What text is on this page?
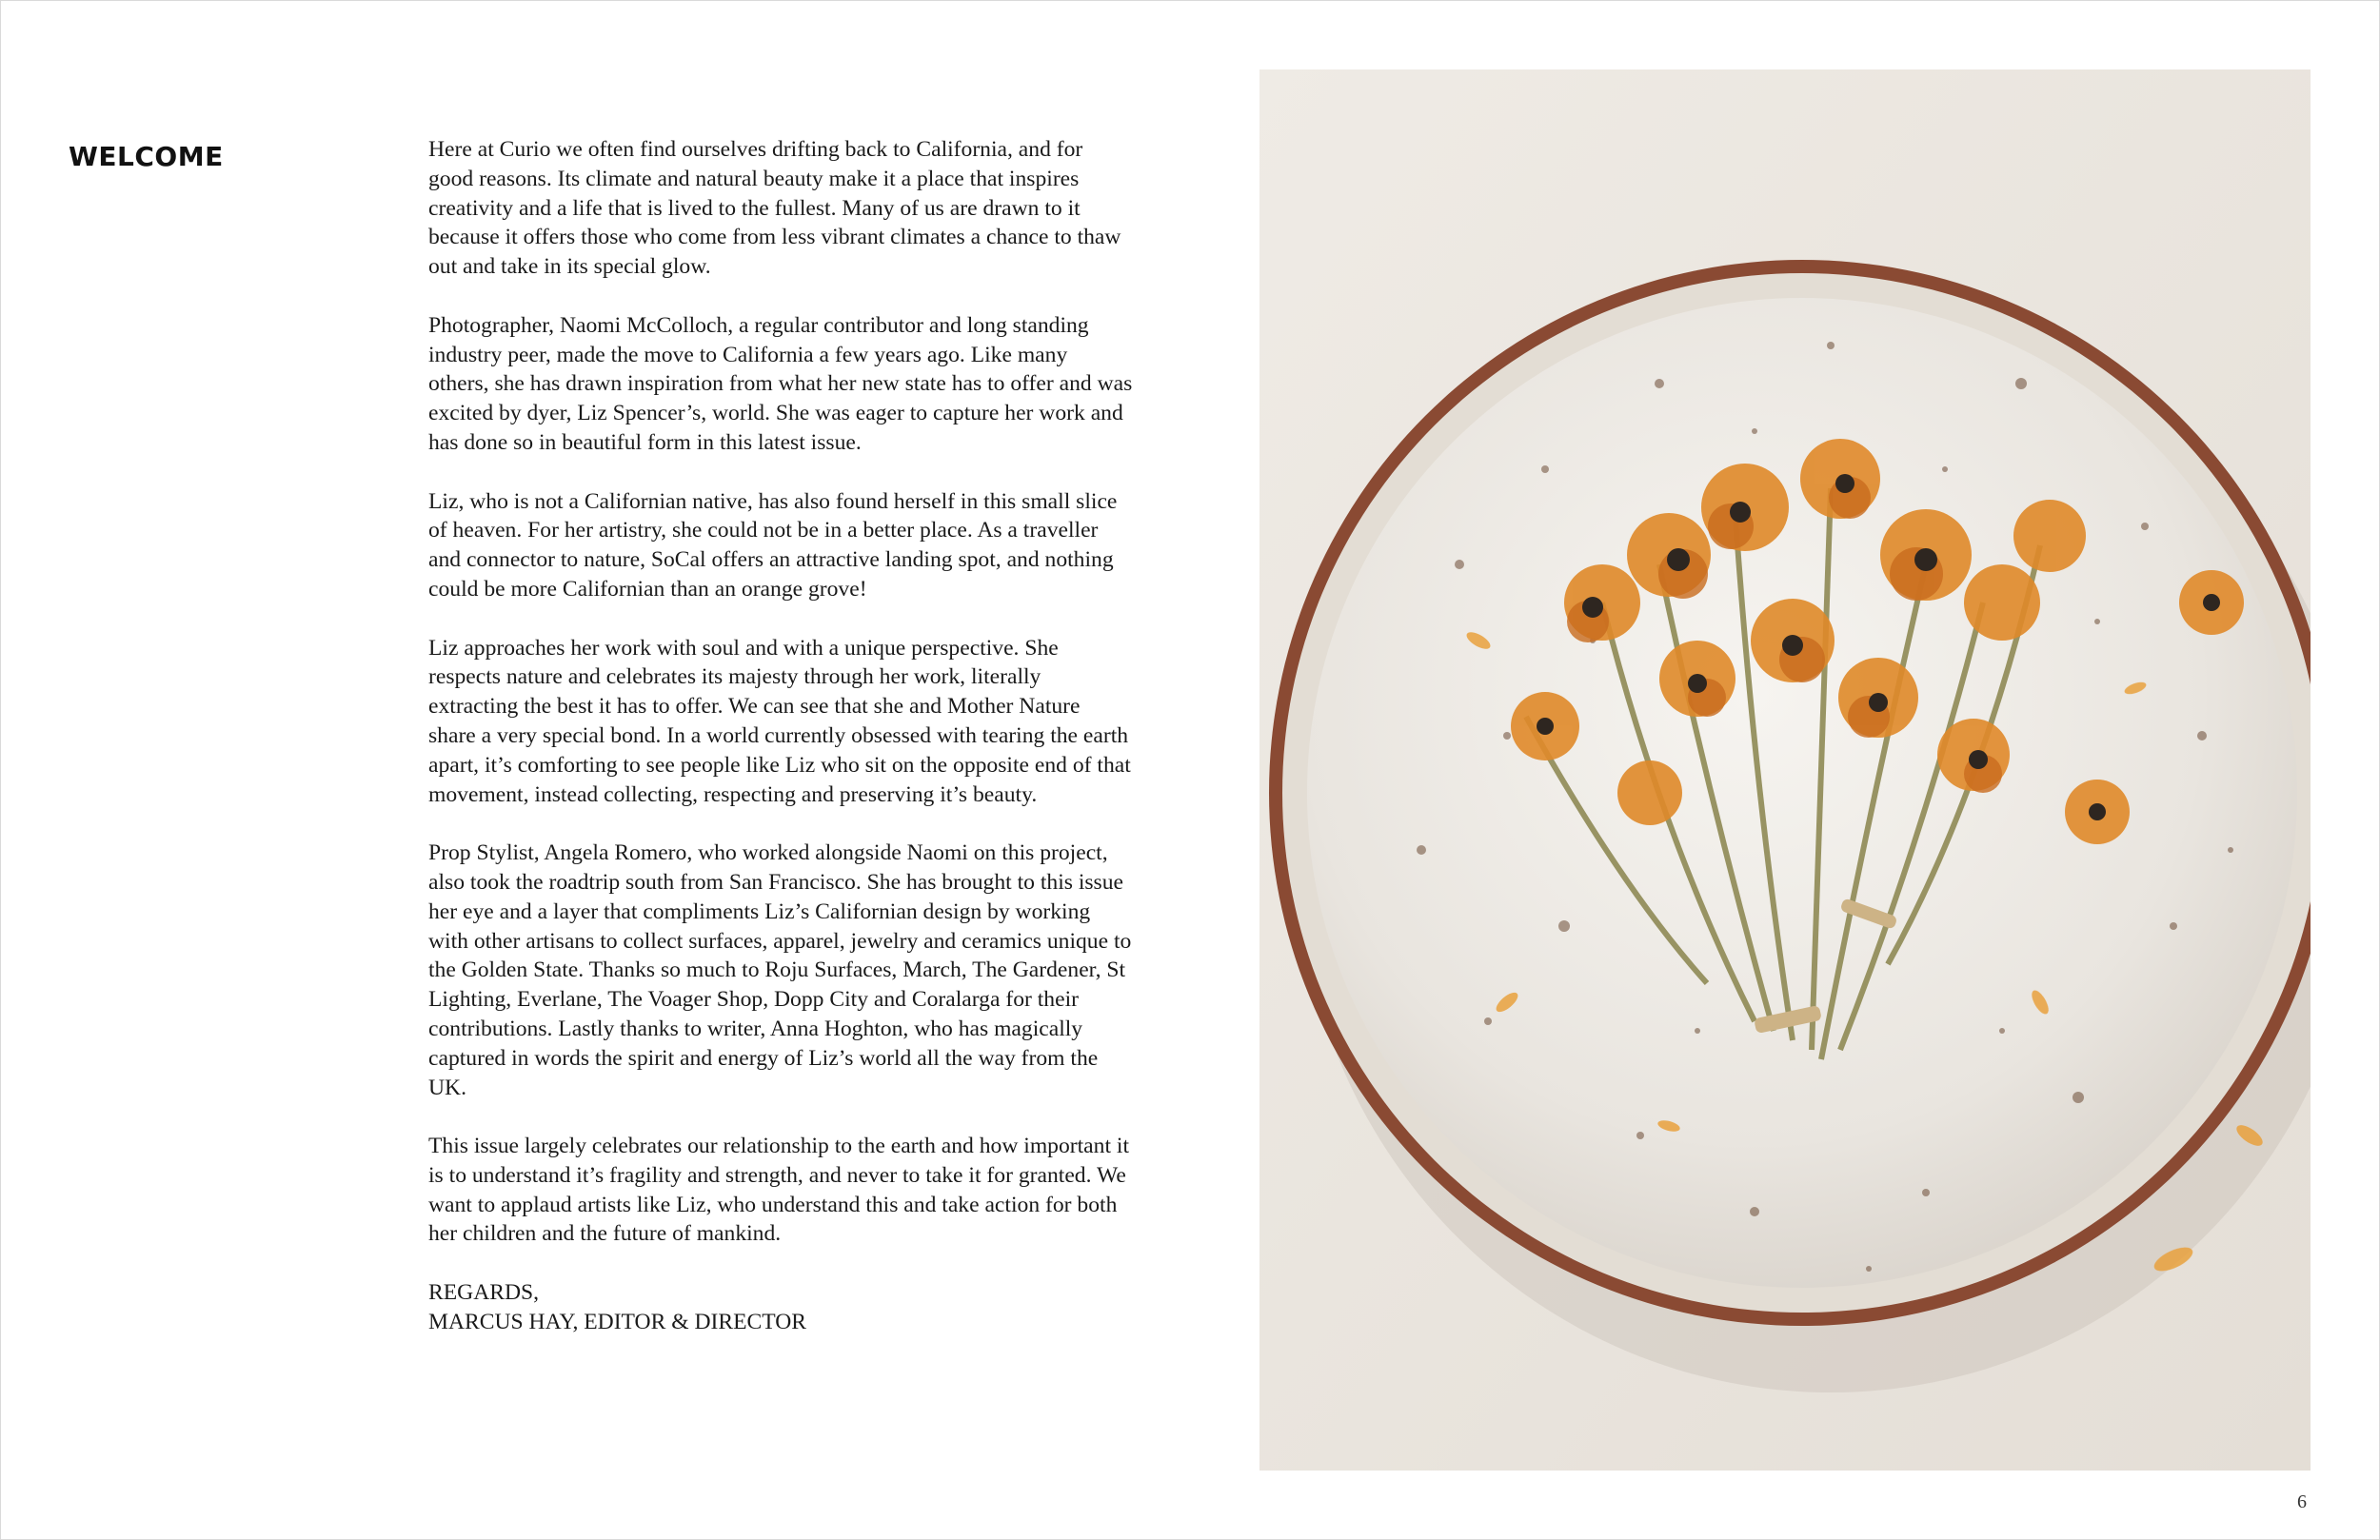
WELCOME	Here at Curio we often find ourselves drifting back to California, and for good reasons. Its climate and natural beauty make it a place that inspires creativity and a life that is lived to the fullest. Many of us are drawn to it because it offers those who come from less vibrant climates a chance to thaw out and take in its special glow.

Photographer, Naomi McColloch, a regular contributor and long standing industry peer, made the move to California a few years ago. Like many others, she has drawn inspiration from what her new state has to offer and was excited by dyer, Liz Spencer’s, world. She was eager to capture her work and has done so in beautiful form in this latest issue.

Liz, who is not a Californian native, has also found herself in this small slice of heaven. For her artistry, she could not be in a better place. As a traveller and connector to nature, SoCal offers an attractive landing spot, and nothing could be more Californian than an orange grove!

Liz approaches her work with soul and with a unique perspective. She respects nature and celebrates its majesty through her work, literally extracting the best it has to offer. We can see that she and Mother Nature share a very special bond. In a world currently obsessed with tearing the earth apart, it’s comforting to see people like Liz who sit on the opposite end of that movement, instead collecting, respecting and preserving it’s beauty.

Prop Stylist, Angela Romero, who worked alongside Naomi on this project, also took the roadtrip south from San Francisco. She has brought to this issue her eye and a layer that compliments Liz’s Californian design by working with other artisans to collect surfaces, apparel, jewelry and ceramics unique to the Golden State. Thanks so much to Roju Surfaces, March, The Gardener, St Lighting, Everlane, The Voager Shop, Dopp City and Coralarga for their contributions. Lastly thanks to writer, Anna Hoghton, who has magically captured in words the spirit and energy of Liz’s world all the way from the UK.

This issue largely celebrates our relationship to the earth and how important it is to understand it’s fragility and strength, and never to take it for granted. We want to applaud artists like Liz, who understand this and take action for both her children and the future of mankind.

REGARDS,

MARCUS HAY, EDITOR & DIRECTOR

6
